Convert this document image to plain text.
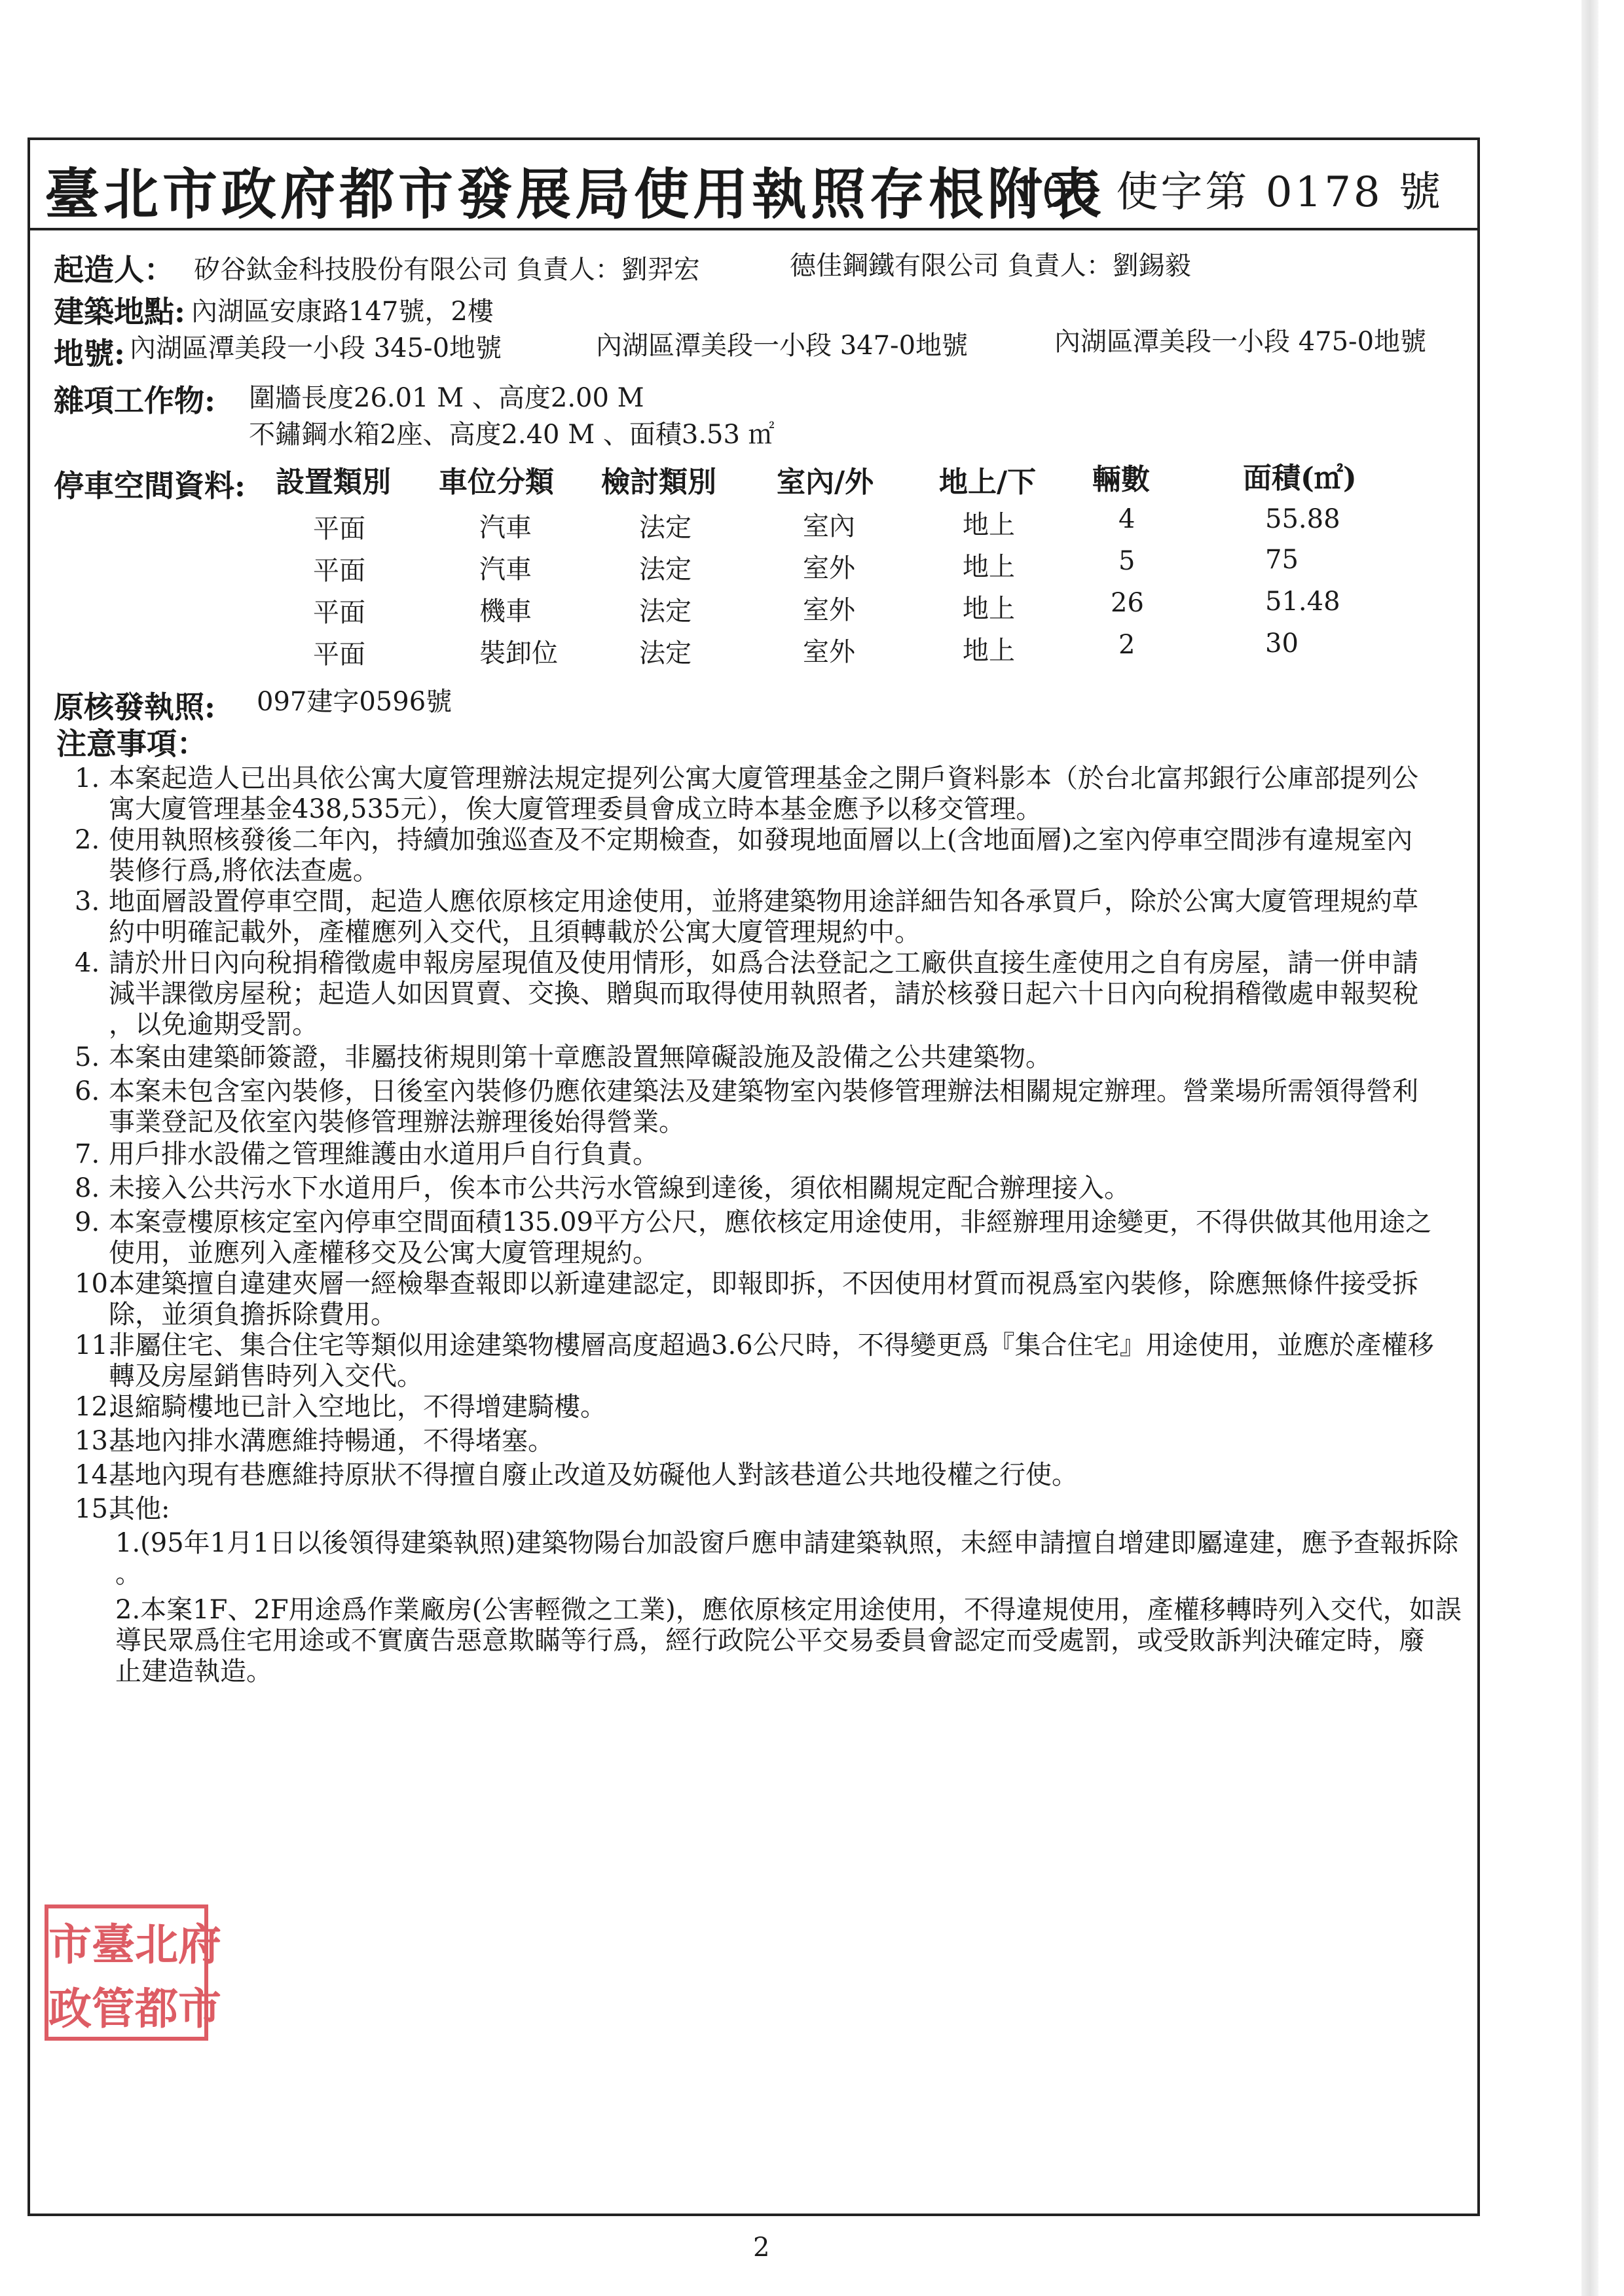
臺北市政府都市發展局使用執照存根附表
100 使字第 0178 號
起造人： 矽谷鈦金科技股份有限公司 負責人：劉羿宏	德佳鋼鐵有限公司 負責人：劉錫毅
建築地點: 內湖區安康路147號，2樓
地號: 內湖區潭美段一小段 345-0地號	內湖區潭美段一小段 347-0地號	內湖區潭美段一小段 475-0地號
雜項工作物: 圍牆長度26.01 M 、高度2.00 M
不鏽鋼水箱2座、高度2.40 M 、面積3.53 ㎡
停車空間資料: 設置類別 車位分類 檢討類別 室內/外 地上/下 輛數	面積(㎡)
平面	汽車	法定	室內	地上	4	55.88
平面	汽車	法定	室外	地上	5	75
平面	機車	法定	室外	地上	26	51.48
平面	裝卸位	法定	室外	地上	2	30
原核發執照: 097建字0596號
注意事項：
1. 本案起造人已出具依公寓大廈管理辦法規定提列公寓大廈管理基金之開戶資料影本（於台北富邦銀行公庫部提列公
寓大廈管理基金438,535元），俟大廈管理委員會成立時本基金應予以移交管理。
2. 使用執照核發後二年內，持續加強巡查及不定期檢查，如發現地面層以上(含地面層)之室內停車空間涉有違規室內
裝修行爲,將依法查處。
3. 地面層設置停車空間，起造人應依原核定用途使用，並將建築物用途詳細告知各承買戶，除於公寓大廈管理規約草
約中明確記載外，產權應列入交代，且須轉載於公寓大廈管理規約中。
4. 請於卅日內向稅捐稽徵處申報房屋現值及使用情形，如爲合法登記之工廠供直接生產使用之自有房屋，請一併申請
減半課徵房屋稅；起造人如因買賣、交換、贈與而取得使用執照者，請於核發日起六十日內向稅捐稽徵處申報契稅
，以免逾期受罰。
5. 本案由建築師簽證，非屬技術規則第十章應設置無障礙設施及設備之公共建築物。
6. 本案未包含室內裝修，日後室內裝修仍應依建築法及建築物室內裝修管理辦法相關規定辦理。營業場所需領得營利
事業登記及依室內裝修管理辦法辦理後始得營業。
7. 用戶排水設備之管理維護由水道用戶自行負責。
8. 未接入公共污水下水道用戶，俟本市公共污水管線到達後，須依相關規定配合辦理接入。
9. 本案壹樓原核定室內停車空間面積135.09平方公尺，應依核定用途使用，非經辦理用途變更，不得供做其他用途之
使用，並應列入產權移交及公寓大廈管理規約。
10.本建築擅自違建夾層一經檢舉查報即以新違建認定，即報即拆，不因使用材質而視爲室內裝修，除應無條件接受拆
除，並須負擔拆除費用。
11.非屬住宅、集合住宅等類似用途建築物樓層高度超過3.6公尺時，不得變更爲『集合住宅』用途使用，並應於產權移
轉及房屋銷售時列入交代。
12.退縮騎樓地已計入空地比，不得增建騎樓。
13.基地內排水溝應維持暢通，不得堵塞。
14.基地內現有巷應維持原狀不得擅自廢止改道及妨礙他人對該巷道公共地役權之行使。
15.其他:
1.(95年1月1日以後領得建築執照)建築物陽台加設窗戶應申請建築執照，未經申請擅自增建即屬違建，應予查報拆除
。
2.本案1F、2F用途爲作業廠房(公害輕微之工業)，應依原核定用途使用，不得違規使用，產權移轉時列入交代，如誤
導民眾爲住宅用途或不實廣告惡意欺瞞等行爲，經行政院公平交易委員會認定而受處罰，或受敗訴判決確定時，廢
止建造執造。
市 臺 北 府
政 管 都 市
2
